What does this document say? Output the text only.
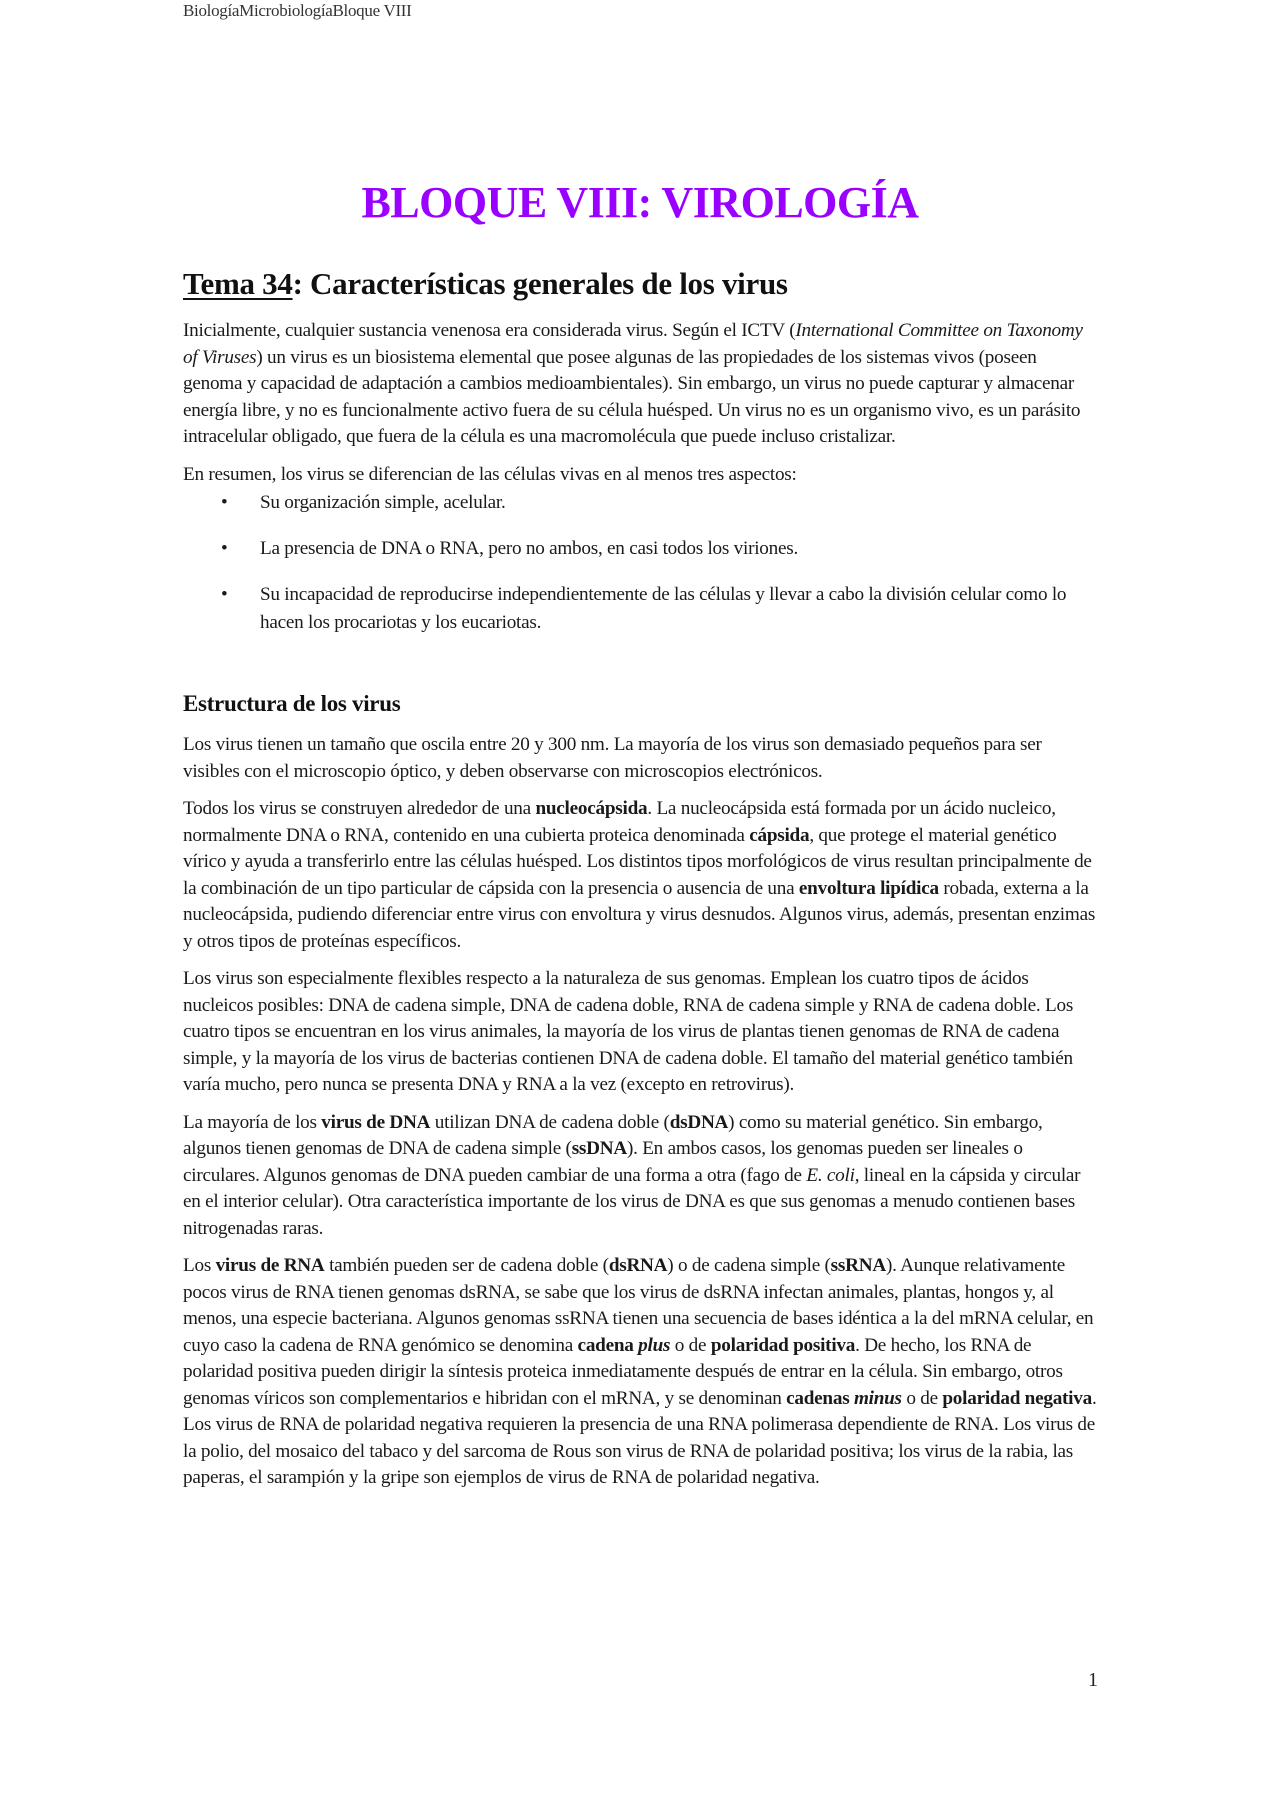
BiologíaMicrobiologíaBloque VIII
BLOQUE VIII: VIROLOGÍA
Tema 34: Características generales de los virus

Inicialmente, cualquier sustancia venenosa era considerada virus. Según el ICTV (International Committee on Taxonomy of Viruses) un virus es un biosistema elemental que posee algunas de las propiedades de los sistemas vivos (poseen genoma y capacidad de adaptación a cambios medioambientales). Sin embargo, un virus no puede capturar y almacenar energía libre, y no es funcionalmente activo fuera de su célula huésped. Un virus no es un organismo vivo, es un parásito intracelular obligado, que fuera de la célula es una macromolécula que puede incluso cristalizar.

En resumen, los virus se diferencian de las células vivas en al menos tres aspectos:

• Su organización simple, acelular.
• La presencia de DNA o RNA, pero no ambos, en casi todos los viriones.
• Su incapacidad de reproducirse independientemente de las células y llevar a cabo la división celular como lo hacen los procariotas y los eucariotas.
Estructura de los virus

Los virus tienen un tamaño que oscila entre 20 y 300 nm. La mayoría de los virus son demasiado pequeños para ser visibles con el microscopio óptico, y deben observarse con microscopios electrónicos.

Todos los virus se construyen alrededor de una nucleocápsida. La nucleocápsida está formada por un ácido nucleico, normalmente DNA o RNA, contenido en una cubierta proteica denominada cápsida, que protege el material genético vírico y ayuda a transferirlo entre las células huésped. Los distintos tipos morfológicos de virus resultan principalmente de la combinación de un tipo particular de cápsida con la presencia o ausencia de una envoltura lipídica robada, externa a la nucleocápsida, pudiendo diferenciar entre virus con envoltura y virus desnudos. Algunos virus, además, presentan enzimas y otros tipos de proteínas específicos.

Los virus son especialmente flexibles respecto a la naturaleza de sus genomas. Emplean los cuatro tipos de ácidos nucleicos posibles: DNA de cadena simple, DNA de cadena doble, RNA de cadena simple y RNA de cadena doble. Los cuatro tipos se encuentran en los virus animales, la mayoría de los virus de plantas tienen genomas de RNA de cadena simple, y la mayoría de los virus de bacterias contienen DNA de cadena doble. El tamaño del material genético también varía mucho, pero nunca se presenta DNA y RNA a la vez (excepto en retrovirus).

La mayoría de los virus de DNA utilizan DNA de cadena doble (dsDNA) como su material genético. Sin embargo, algunos tienen genomas de DNA de cadena simple (ssDNA). En ambos casos, los genomas pueden ser lineales o circulares. Algunos genomas de DNA pueden cambiar de una forma a otra (fago de E. coli, lineal en la cápsida y circular en el interior celular). Otra característica importante de los virus de DNA es que sus genomas a menudo contienen bases nitrogenadas raras.

Los virus de RNA también pueden ser de cadena doble (dsRNA) o de cadena simple (ssRNA). Aunque relativamente pocos virus de RNA tienen genomas dsRNA, se sabe que los virus de dsRNA infectan animales, plantas, hongos y, al menos, una especie bacteriana. Algunos genomas ssRNA tienen una secuencia de bases idéntica a la del mRNA celular, en cuyo caso la cadena de RNA genómico se denomina cadena plus o de polaridad positiva. De hecho, los RNA de polaridad positiva pueden dirigir la síntesis proteica inmediatamente después de entrar en la célula. Sin embargo, otros genomas víricos son complementarios e hibridan con el mRNA, y se denominan cadenas minus o de polaridad negativa. Los virus de RNA de polaridad negativa requieren la presencia de una RNA polimerasa dependiente de RNA. Los virus de la polio, del mosaico del tabaco y del sarcoma de Rous son virus de RNA de polaridad positiva; los virus de la rabia, las paperas, el sarampión y la gripe son ejemplos de virus de RNA de polaridad negativa.

1
